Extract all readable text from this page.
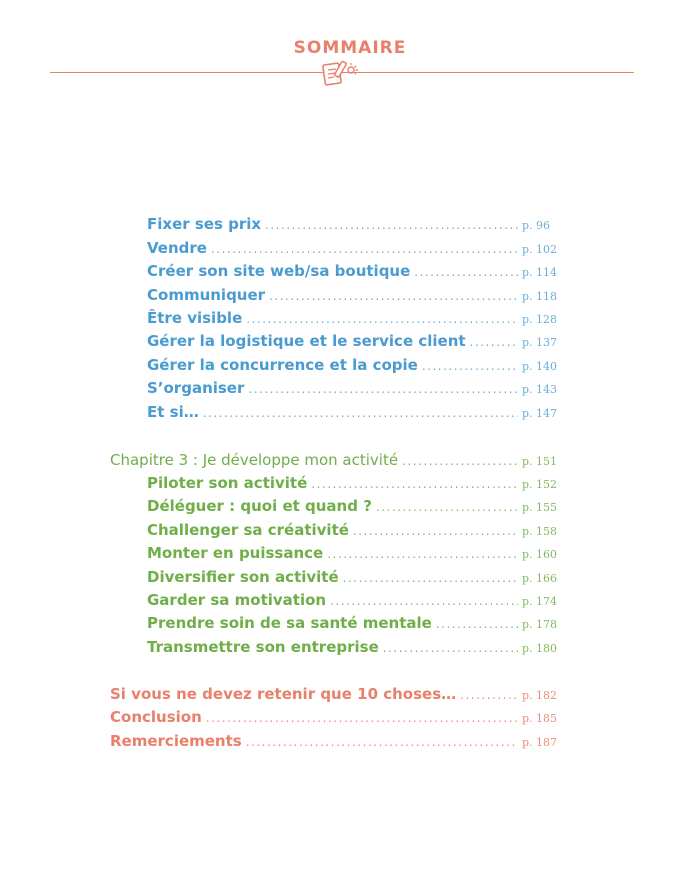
SOMMAIRE
Fixer ses prix .....	p. 96
Vendre .....	p. 102
Créer son site web/sa boutique .....	p. 114
Communiquer .....	p. 118
Être visible .....	p. 128
Gérer la logistique et le service client .....	p. 137
Gérer la concurrence et la copie .....	p. 140
S’organiser .....	p. 143
Et si… .....	p. 147
Chapitre 3 : Je développe mon activité .....	p. 151
Piloter son activité .....	p. 152
Déléguer : quoi et quand ? .....	p. 155
Challenger sa créativité .....	p. 158
Monter en puissance .....	p. 160
Diversifier son activité .....	p. 166
Garder sa motivation .....	p. 174
Prendre soin de sa santé mentale .....	p. 178
Transmettre son entreprise .....	p. 180
Si vous ne devez retenir que 10 choses… .....	p. 182
Conclusion .....	p. 185
Remerciements .....	p. 187
